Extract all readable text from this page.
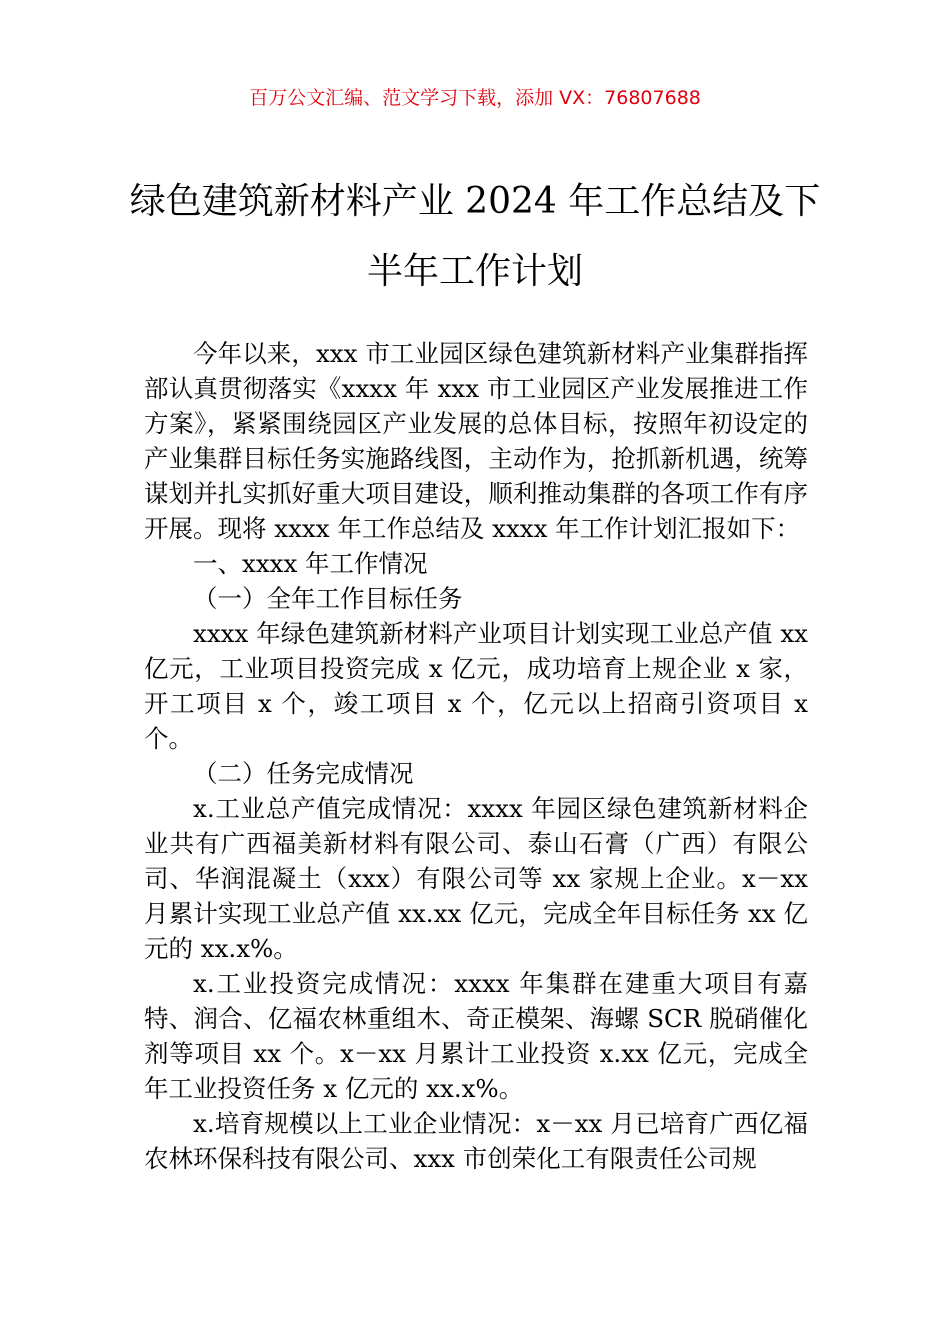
百万公文汇编、范文学习下载，添加 VX：76807688
绿色建筑新材料产业 2024 年工作总结及下
半年工作计划

今年以来，xxx 市工业园区绿色建筑新材料产业集群指挥部认真贯彻落实《xxxx 年 xxx 市工业园区产业发展推进工作方案》，紧紧围绕园区产业发展的总体目标，按照年初设定的产业集群目标任务实施路线图，主动作为，抢抓新机遇，统筹谋划并扎实抓好重大项目建设，顺利推动集群的各项工作有序开展。现将 xxxx 年工作总结及 xxxx 年工作计划汇报如下：

一、xxxx 年工作情况

（一）全年工作目标任务

xxxx 年绿色建筑新材料产业项目计划实现工业总产值 xx 亿元，工业项目投资完成 x 亿元，成功培育上规企业 x 家，开工项目 x 个，竣工项目 x 个，亿元以上招商引资项目 x 个。

（二）任务完成情况

x.工业总产值完成情况：xxxx 年园区绿色建筑新材料企业共有广西福美新材料有限公司、泰山石膏（广西）有限公司、华润混凝土（xxx）有限公司等 xx 家规上企业。x－xx 月累计实现工业总产值 xx.xx 亿元，完成全年目标任务 xx 亿元的 xx.x%。

x.工业投资完成情况：xxxx 年集群在建重大项目有嘉特、润合、亿福农林重组木、奇正模架、海螺 SCR 脱硝催化剂等项目 xx 个。x－xx 月累计工业投资 x.xx 亿元，完成全年工业投资任务 x 亿元的 xx.x%。

x.培育规模以上工业企业情况：x－xx 月已培育广西亿福农林环保科技有限公司、xxx 市创荣化工有限责任公司规
